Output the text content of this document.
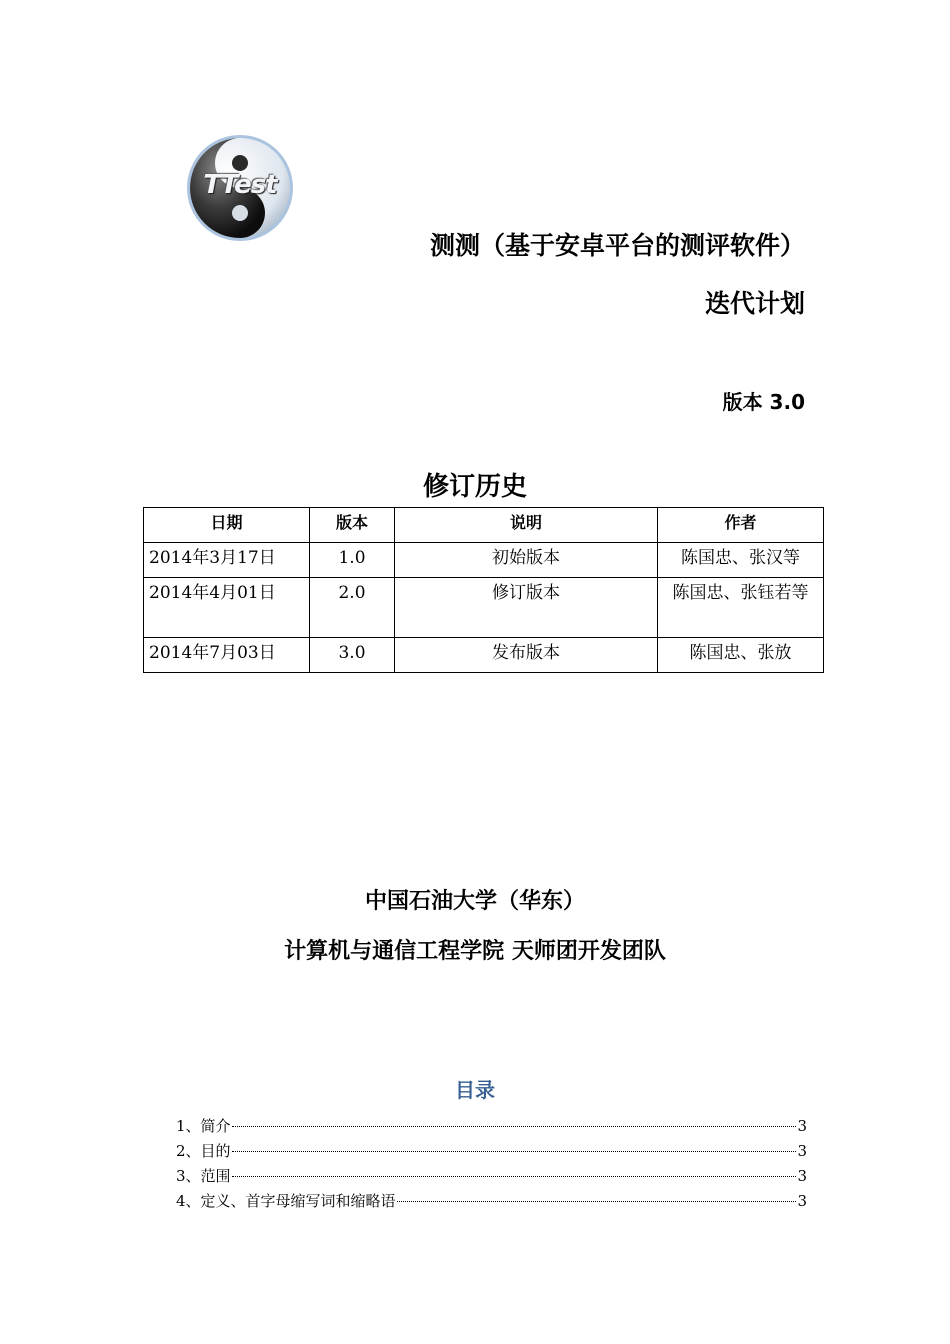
TTest
测测（基于安卓平台的测评软件）
迭代计划
版本 3.0
修订历史
日期	版本	说明	作者
2014年3月17日	1.0	初始版本	陈国忠、张汉等
2014年4月01日	2.0	修订版本	陈国忠、张钰若等
2014年7月03日	3.0	发布版本	陈国忠、张放
中国石油大学（华东）
计算机与通信工程学院 天师团开发团队
目录
1、 简介	3
2、 目的	3
3、 范围	3
4、 定义、首字母缩写词和缩略语	3
